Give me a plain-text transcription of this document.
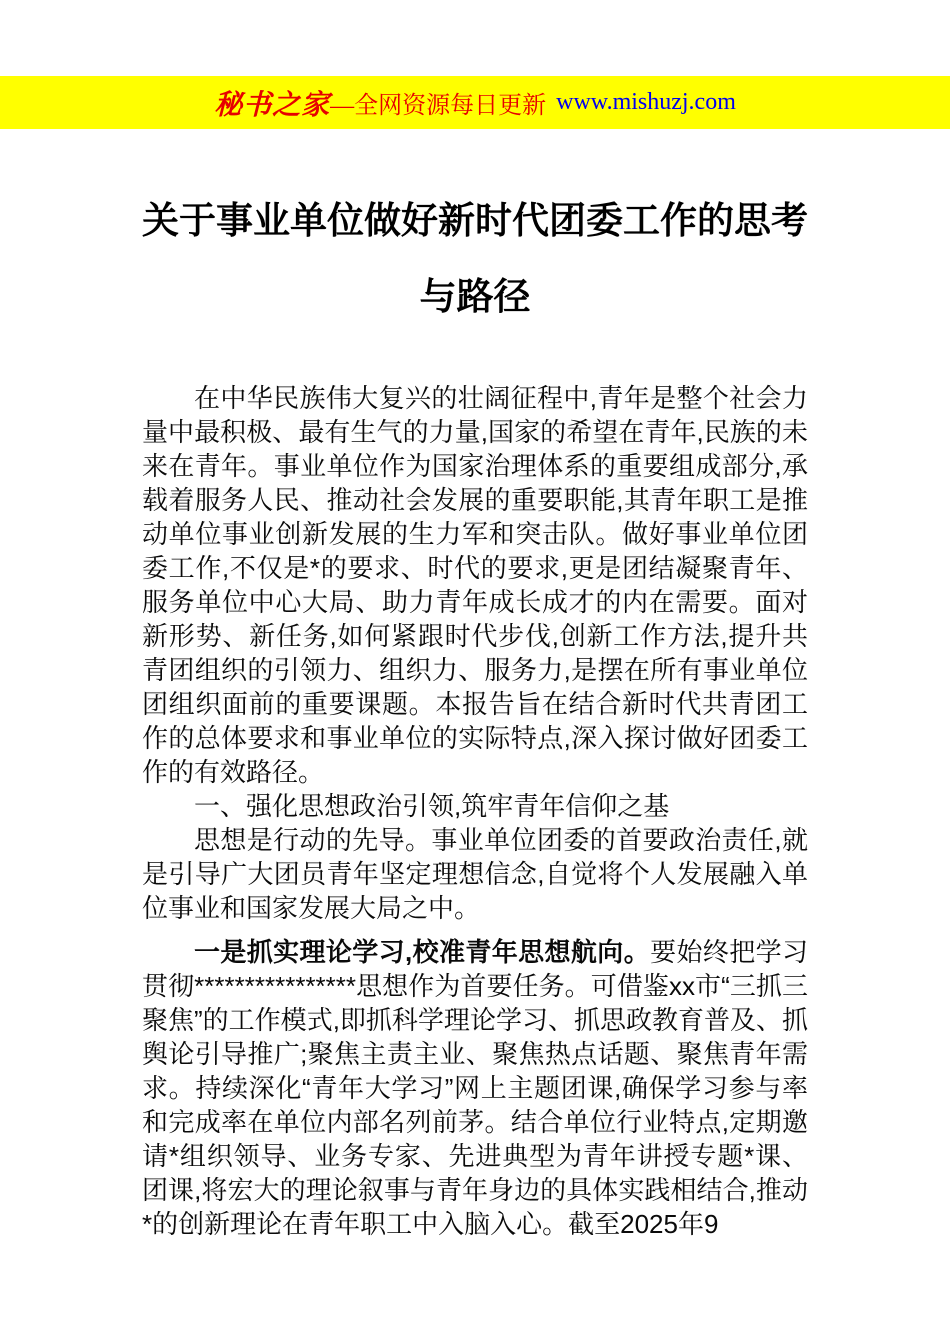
秘书之家 —全网资源每日更新 www.mishuzj.com
关于事业单位做好新时代团委工作的思考
与路径

在中华民族伟大复兴的壮阔征程中,青年是整个社会力量中最积极、最有生气的力量,国家的希望在青年,民族的未来在青年。事业单位作为国家治理体系的重要组成部分,承载着服务人民、推动社会发展的重要职能,其青年职工是推动单位事业创新发展的生力军和突击队。做好事业单位团委工作,不仅是*的要求、时代的要求,更是团结凝聚青年、服务单位中心大局、助力青年成长成才的内在需要。面对新形势、新任务,如何紧跟时代步伐,创新工作方法,提升共青团组织的引领力、组织力、服务力,是摆在所有事业单位团组织面前的重要课题。本报告旨在结合新时代共青团工作的总体要求和事业单位的实际特点,深入探讨做好团委工作的有效路径。

一、强化思想政治引领,筑牢青年信仰之基

思想是行动的先导。事业单位团委的首要政治责任,就是引导广大团员青年坚定理想信念,自觉将个人发展融入单位事业和国家发展大局之中。

一是抓实理论学习,校准青年思想航向。要始终把学习贯彻****************思想作为首要任务。可借鉴xx市“三抓三聚焦”的工作模式,即抓科学理论学习、抓思政教育普及、抓舆论引导推广;聚焦主责主业、聚焦热点话题、聚焦青年需求。持续深化“青年大学习”网上主题团课,确保学习参与率和完成率在单位内部名列前茅。结合单位行业特点,定期邀请*组织领导、业务专家、先进典型为青年讲授专题*课、团课,将宏大的理论叙事与青年身边的具体实践相结合,推动*的创新理论在青年职工中入脑入心。截至2025年9
